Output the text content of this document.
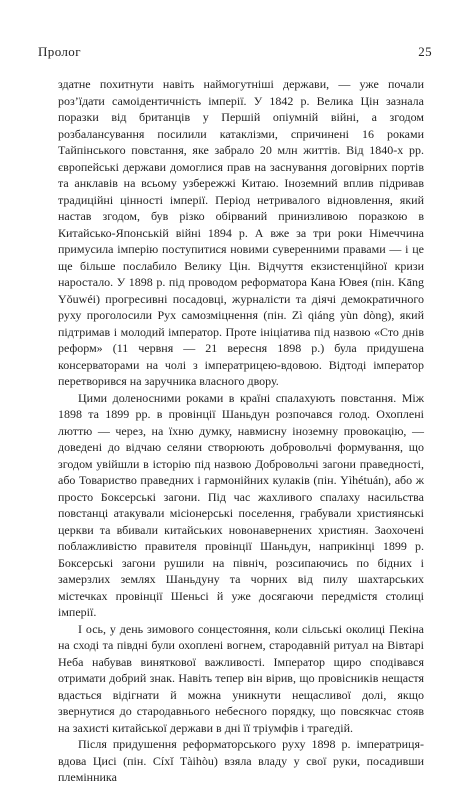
Пролог	25

здатне похитнути навіть наймогутніші держави, — уже почали роз’їдати самоідентичність імперії. У 1842 р. Велика Цін зазнала поразки від британців у Першій опіумній війні, а згодом розбалансування посилили катаклізми, спричинені 16 роками Тайпінського повстання, яке забрало 20 млн життів. Від 1840-х рр. європейські держави домоглися прав на заснування договірних портів та анклавів на всьому узбережжі Китаю. Іноземний вплив підривав традиційні цінності імперії. Період нетривалого відновлення, який настав згодом, був різко обірваний принизливою поразкою в Китайсько-Японській війні 1894 р. А вже за три роки Німеччина примусила імперію поступитися новими суверенними правами — і це ще більше послабило Велику Цін. Відчуття екзистенційної кризи наростало. У 1898 р. під проводом реформатора Кана Ювея (пін. Kāng Yǒuwéi) прогресивні посадовці, журналісти та діячі демократичного руху проголосили Рух самозміцнення (пін. Zì qiáng yùn dòng), який підтримав і молодий імператор. Проте ініціатива під назвою «Сто днів реформ» (11 червня — 21 вересня 1898 р.) була придушена консерваторами на чолі з імператрицею-вдовою. Відтоді імператор перетворився на заручника власного двору.

Цими доленосними роками в країні спалахують повстання. Між 1898 та 1899 рр. в провінції Шаньдун розпочався голод. Охоплені люттю — через, на їхню думку, навмисну іноземну провокацію, — доведені до відчаю селяни створюють добровольчі формування, що згодом увійшли в історію під назвою Добровольчі загони праведності, або Товариство праведних і гармонійних кулаків (пін. Yìhétuán), або ж просто Боксерські загони. Під час жахливого спалаху насильства повстанці атакували місіонерські поселення, грабували християнські церкви та вбивали китайських новонавернених християн. Заохочені поблажливістю правителя провінції Шаньдун, наприкінці 1899 р. Боксерські загони рушили на північ, розсипаючись по бідних і замерзлих землях Шаньдуну та чорних від пилу шахтарських містечках провінції Шеньсі й уже досягаючи передмістя столиці імперії.

І ось, у день зимового сонцестояння, коли сільські околиці Пекіна на сході та півдні були охоплені вогнем, стародавній ритуал на Вівтарі Неба набував виняткової важливості. Імператор щиро сподівався отримати добрий знак. Навіть тепер він вірив, що провісників нещастя вдасться відігнати й можна уникнути нещасливої долі, якщо звернутися до стародавнього небесного порядку, що повсякчас стояв на захисті китайської держави в дні її тріумфів і трагедій.

Після придушення реформаторського руху 1898 р. імператриця-вдова Цисі (пін. Cíxǐ Tàihòu) взяла владу у свої руки, посадивши племінника
